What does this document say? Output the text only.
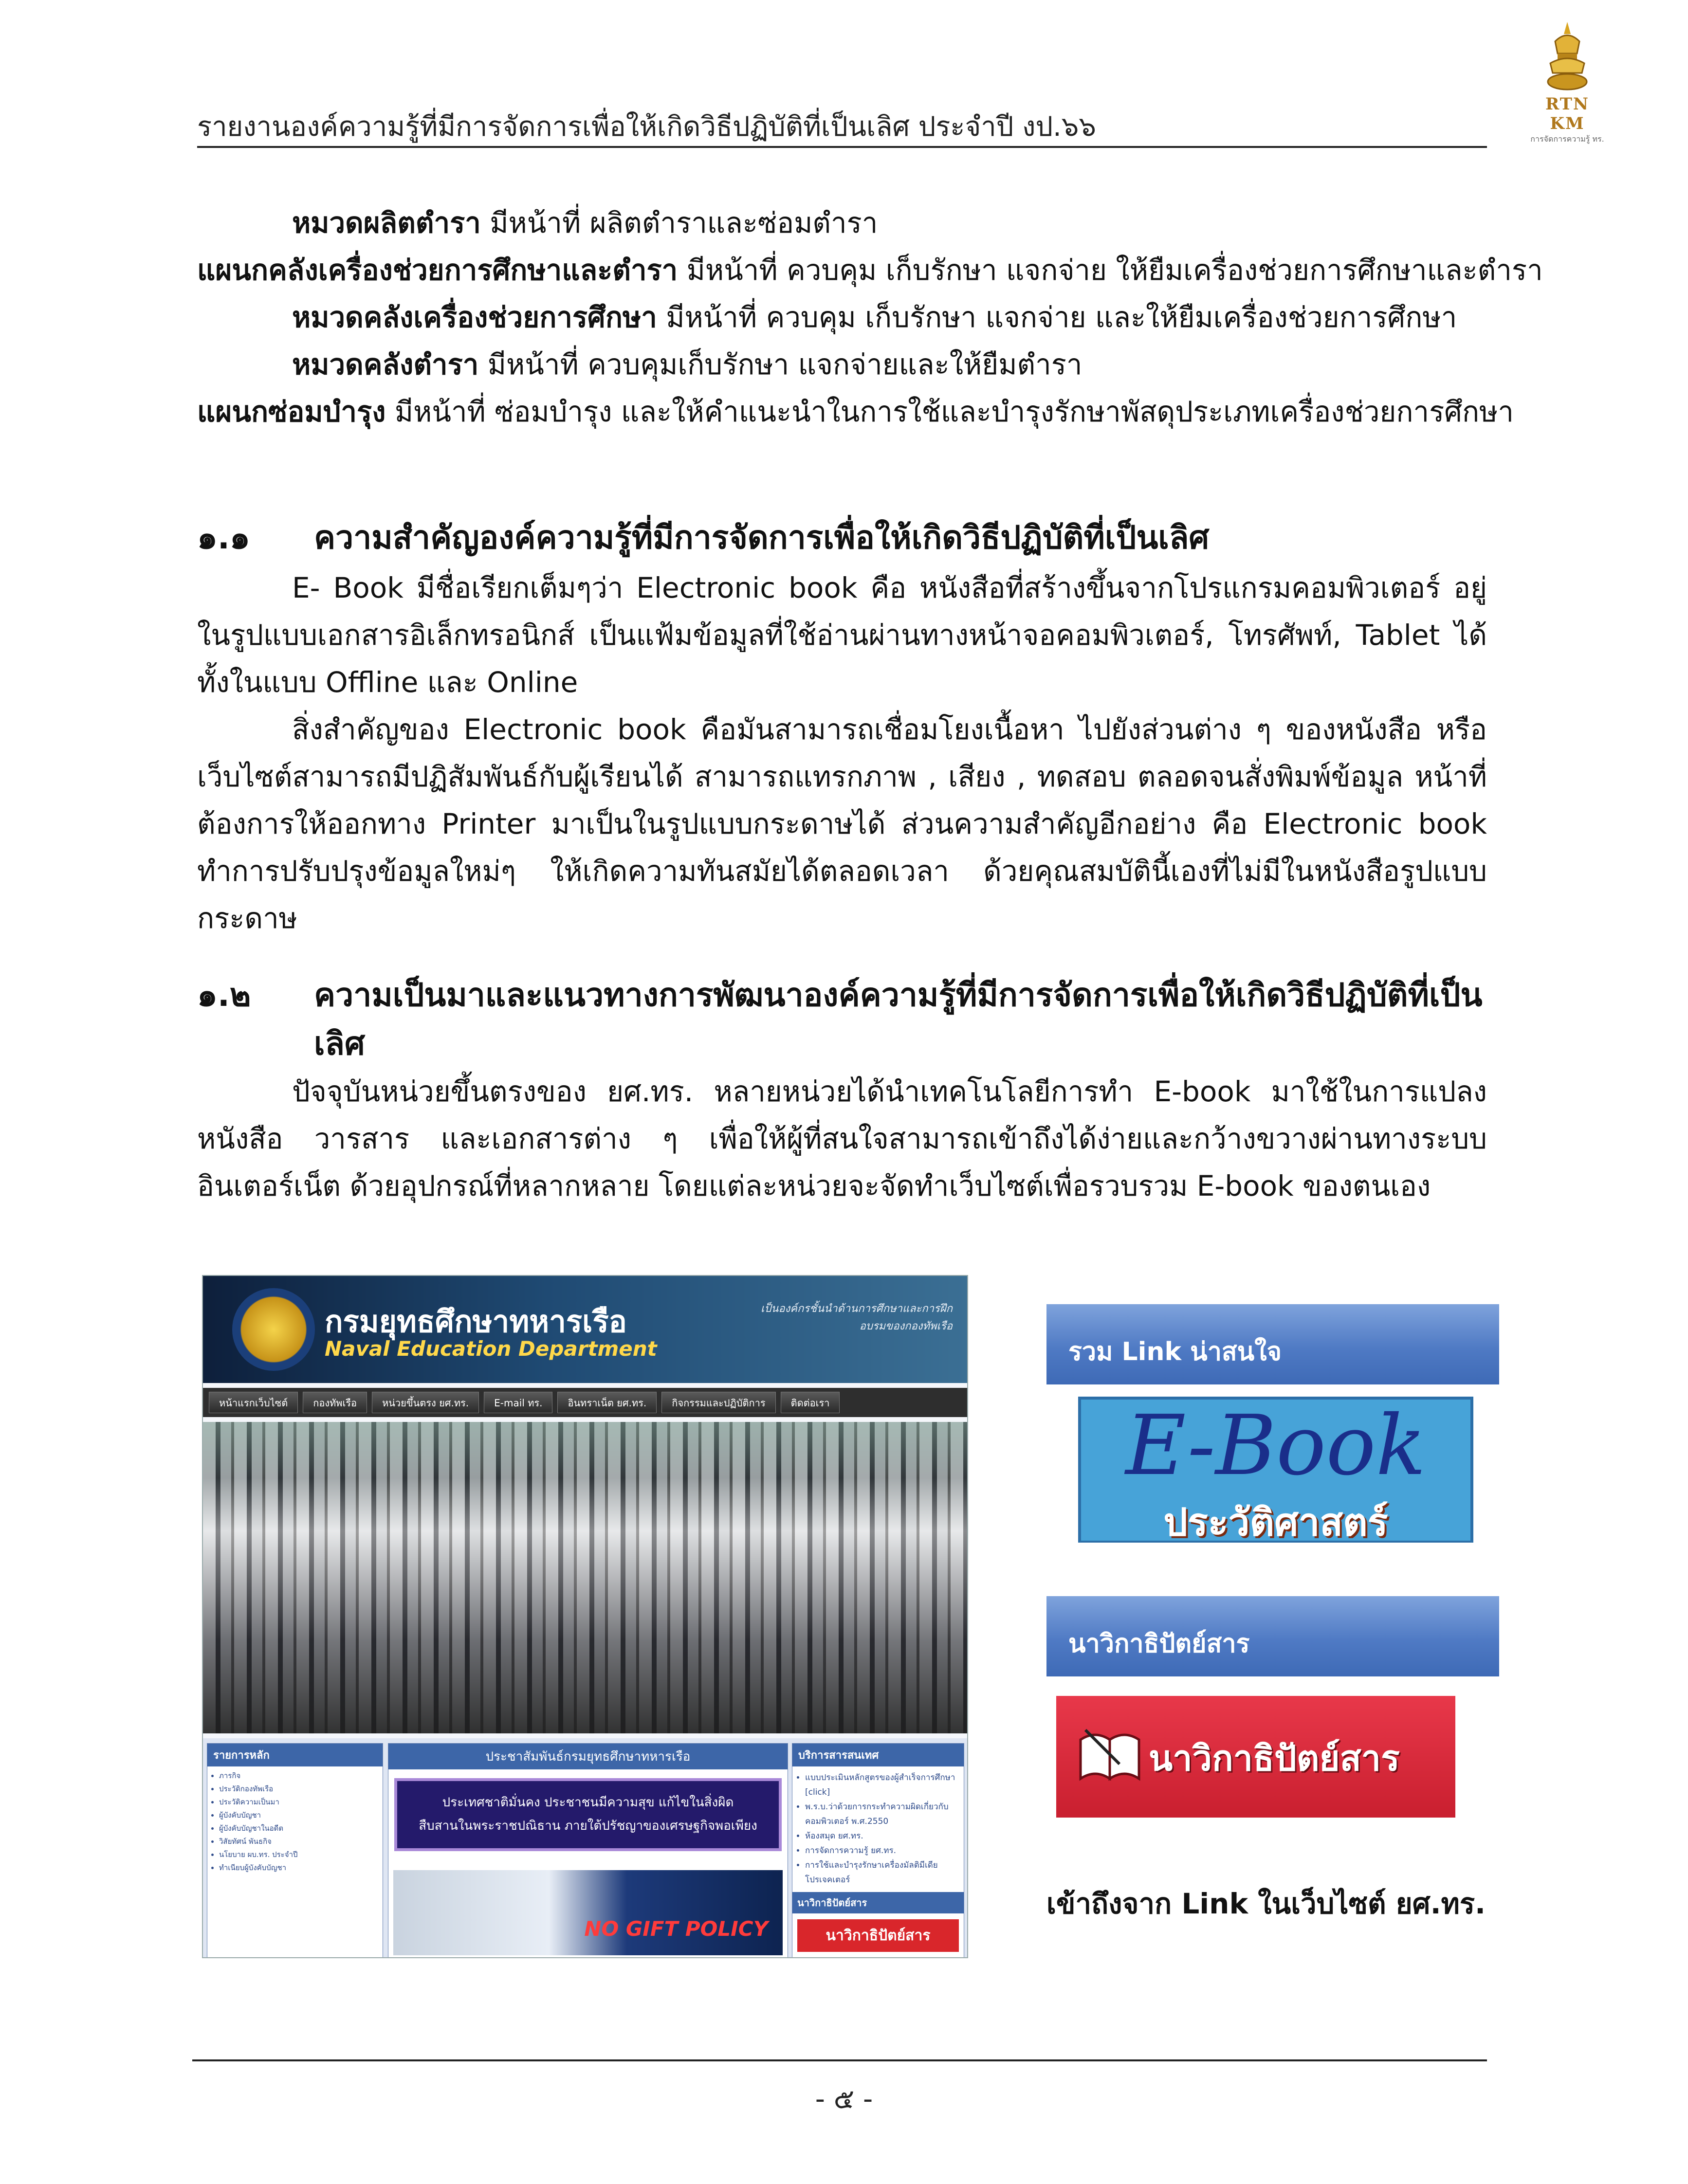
รายงานองค์ความรู้ที่มีการจัดการเพื่อให้เกิดวิธีปฏิบัติที่เป็นเลิศ ประจำปี งป.๖๖
RTN KM
การจัดการความรู้ ทร.
หมวดผลิตตำรา มีหน้าที่ ผลิตตำราและซ่อมตำรา
แผนกคลังเครื่องช่วยการศึกษาและตำรา มีหน้าที่ ควบคุม เก็บรักษา แจกจ่าย ให้ยืมเครื่องช่วยการศึกษาและตำรา
หมวดคลังเครื่องช่วยการศึกษา มีหน้าที่ ควบคุม เก็บรักษา แจกจ่าย และให้ยืมเครื่องช่วยการศึกษา
หมวดคลังตำรา มีหน้าที่ ควบคุมเก็บรักษา แจกจ่ายและให้ยืมตำรา
แผนกซ่อมบำรุง มีหน้าที่ ซ่อมบำรุง และให้คำแนะนำในการใช้และบำรุงรักษาพัสดุประเภทเครื่องช่วยการศึกษา
๑.๑ ความสำคัญองค์ความรู้ที่มีการจัดการเพื่อให้เกิดวิธีปฏิบัติที่เป็นเลิศ
E- Book มีชื่อเรียกเต็มๆว่า Electronic book คือ หนังสือที่สร้างขึ้นจากโปรแกรมคอมพิวเตอร์ อยู่ในรูปแบบเอกสารอิเล็กทรอนิกส์ เป็นแฟ้มข้อมูลที่ใช้อ่านผ่านทางหน้าจอคอมพิวเตอร์, โทรศัพท์, Tablet ได้ทั้งในแบบ Offline และ Online
สิ่งสำคัญของ Electronic book คือมันสามารถเชื่อมโยงเนื้อหา ไปยังส่วนต่าง ๆ ของหนังสือ หรือเว็บไซต์สามารถมีปฏิสัมพันธ์กับผู้เรียนได้ สามารถแทรกภาพ , เสียง , ทดสอบ ตลอดจนสั่งพิมพ์ข้อมูล หน้าที่ต้องการให้ออกทาง Printer มาเป็นในรูปแบบกระดาษได้ ส่วนความสำคัญอีกอย่าง คือ Electronic book ทำการปรับปรุงข้อมูลใหม่ๆ ให้เกิดความทันสมัยได้ตลอดเวลา ด้วยคุณสมบัตินี้เองที่ไม่มีในหนังสือรูปแบบกระดาษ
๑.๒ ความเป็นมาและแนวทางการพัฒนาองค์ความรู้ที่มีการจัดการเพื่อให้เกิดวิธีปฏิบัติที่เป็น
เลิศ
ปัจจุบันหน่วยขึ้นตรงของ ยศ.ทร. หลายหน่วยได้นำเทคโนโลยีการทำ E-book มาใช้ในการแปลงหนังสือ วารสาร และเอกสารต่าง ๆ เพื่อให้ผู้ที่สนใจสามารถเข้าถึงได้ง่ายและกว้างขวางผ่านทางระบบอินเตอร์เน็ต ด้วยอุปกรณ์ที่หลากหลาย โดยแต่ละหน่วยจะจัดทำเว็บไซต์เพื่อรวบรวม E-book ของตนเอง
กรมยุทธศึกษาทหารเรือ
Naval Education Department
เป็นองค์กรชั้นนำด้านการศึกษาและการฝึกอบรมของกองทัพเรือ
หน้าแรกเว็บไซต์	กองทัพเรือ	หน่วยขึ้นตรง ยศ.ทร.	E-mail ทร.	อินทราเน็ต ยศ.ทร.	กิจกรรมและปฏิบัติการ	ติดต่อเรา
รายการหลัก
• ภารกิจ
• ประวัติกองทัพเรือ
• ประวัติความเป็นมา
• ผู้บังคับบัญชา
• ผู้บังคับบัญชาในอดีต
• วิสัยทัศน์ พันธกิจ
• นโยบาย ผบ.ทร. ประจำปี
• ทำเนียบผู้บังคับบัญชา
ประชาสัมพันธ์กรมยุทธศึกษาทหารเรือ
ประเทศชาติมั่นคง ประชาชนมีความสุข แก้ไขในสิ่งผิด
สืบสานในพระราชปณิธาน ภายใต้ปรัชญาของเศรษฐกิจพอเพียง
NO GIFT POLICY
บริการสารสนเทศ
• แบบประเมินหลักสูตรของผู้สำเร็จการศึกษา [click]
• พ.ร.บ.ว่าด้วยการกระทำความผิดเกี่ยวกับคอมพิวเตอร์ พ.ศ.2550
• ห้องสมุด ยศ.ทร.
• การจัดการความรู้ ยศ.ทร.
• การใช้และบำรุงรักษาเครื่องมัลติมีเดียโปรเจคเตอร์
นาวิกาธิปัตย์สาร
นาวิกาธิปัตย์สาร
รวม Link น่าสนใจ
E-Book
ประวัติศาสตร์
นาวิกาธิปัตย์สาร
นาวิกาธิปัตย์สาร
เข้าถึงจาก Link ในเว็บไซต์ ยศ.ทร.
- ๕ -
